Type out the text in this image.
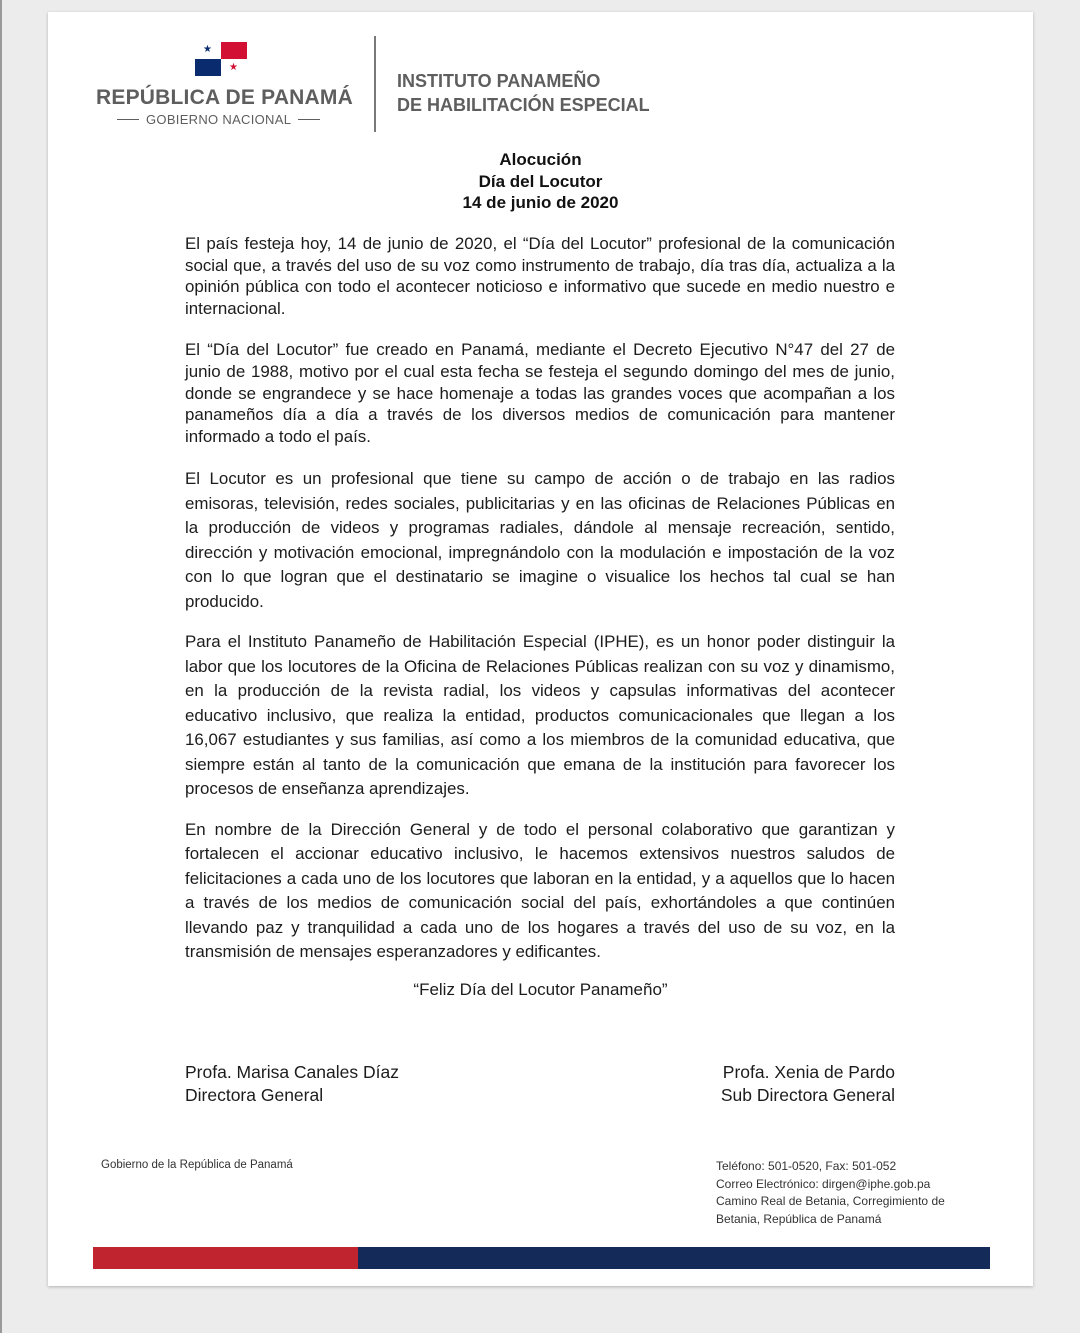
★
★
REPÚBLICA DE PANAMÁ
GOBIERNO NACIONAL
INSTITUTO PANAMEÑO
DE HABILITACIÓN ESPECIAL
Alocución
Día del Locutor
14 de junio de 2020

El país festeja hoy, 14 de junio de 2020, el “Día del Locutor” profesional de la comunicación social que, a través del uso de su voz como instrumento de trabajo, día tras día, actualiza a la opinión pública con todo el acontecer noticioso e informativo que sucede en medio nuestro e internacional.

El “Día del Locutor” fue creado en Panamá, mediante el Decreto Ejecutivo N°47 del 27 de junio de 1988, motivo por el cual esta fecha se festeja el segundo domingo del mes de junio, donde se engrandece y se hace homenaje a todas las grandes voces que acompañan a los panameños día a día a través de los diversos medios de comunicación para mantener informado a todo el país.

El Locutor es un profesional que tiene su campo de acción o de trabajo en las radios emisoras, televisión, redes sociales, publicitarias y en las oficinas de Relaciones Públicas en la producción de videos y programas radiales, dándole al mensaje recreación, sentido, dirección y motivación emocional, impregnándolo con la modulación e impostación de la voz con lo que logran que el destinatario se imagine o visualice los hechos tal cual se han producido.

Para el Instituto Panameño de Habilitación Especial (IPHE), es un honor poder distinguir la labor que los locutores de la Oficina de Relaciones Públicas realizan con su voz y dinamismo, en la producción de la revista radial, los videos y capsulas informativas del acontecer educativo inclusivo, que realiza la entidad, productos comunicacionales que llegan a los 16,067 estudiantes y sus familias, así como a los miembros de la comunidad educativa, que siempre están al tanto de la comunicación que emana de la institución para favorecer los procesos de enseñanza aprendizajes.

En nombre de la Dirección General y de todo el personal colaborativo que garantizan y fortalecen el accionar educativo inclusivo, le hacemos extensivos nuestros saludos de felicitaciones a cada uno de los locutores que laboran en la entidad, y a aquellos que lo hacen a través de los medios de comunicación social del país, exhortándoles a que continúen llevando paz y tranquilidad a cada uno de los hogares a través del uso de su voz, en la transmisión de mensajes esperanzadores y edificantes.

“Feliz Día del Locutor Panameño”
Profa. Marisa Canales Díaz
Directora General
Profa. Xenia de Pardo
Sub Directora General
Gobierno de la República de Panamá	Teléfono: 501-0520, Fax: 501-052
Correo Electrónico: dirgen@iphe.gob.pa
Camino Real de Betania, Corregimiento de
Betania, República de Panamá
